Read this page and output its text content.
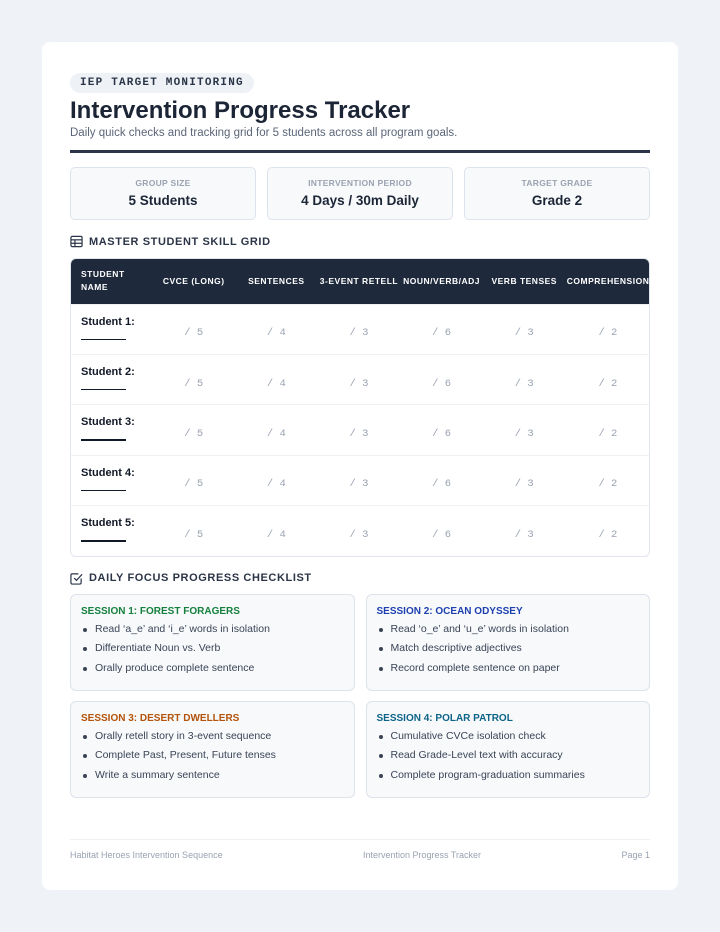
IEP TARGET MONITORING
Intervention Progress Tracker

Daily quick checks and tracking grid for 5 students across all program goals.

GROUP SIZE
5 Students
INTERVENTION PERIOD
4 Days / 30m Daily
TARGET GRADE
Grade 2
MASTER STUDENT SKILL GRID
STUDENT NAME	CVCE (LONG)	SENTENCES	3-EVENT RETELL	NOUN/VERB/ADJ	VERB TENSES	COMPREHENSION

Student 1:	/ 5	/ 4	/ 3	/ 6	/ 3	/ 2

Student 2:	/ 5	/ 4	/ 3	/ 6	/ 3	/ 2

Student 3:	/ 5	/ 4	/ 3	/ 6	/ 3	/ 2

Student 4:	/ 5	/ 4	/ 3	/ 6	/ 3	/ 2

Student 5:	/ 5	/ 4	/ 3	/ 6	/ 3	/ 2
DAILY FOCUS PROGRESS CHECKLIST
SESSION 1: FOREST FORAGERS
Read ‘a_e’ and ‘i_e’ words in isolation
Differentiate Noun vs. Verb
Orally produce complete sentence
SESSION 2: OCEAN ODYSSEY
Read ‘o_e’ and ‘u_e’ words in isolation
Match descriptive adjectives
Record complete sentence on paper
SESSION 3: DESERT DWELLERS
Orally retell story in 3-event sequence
Complete Past, Present, Future tenses
Write a summary sentence
SESSION 4: POLAR PATROL
Cumulative CVCe isolation check
Read Grade-Level text with accuracy
Complete program-graduation summaries
Habitat Heroes Intervention Sequence	Intervention Progress Tracker	Page 1
